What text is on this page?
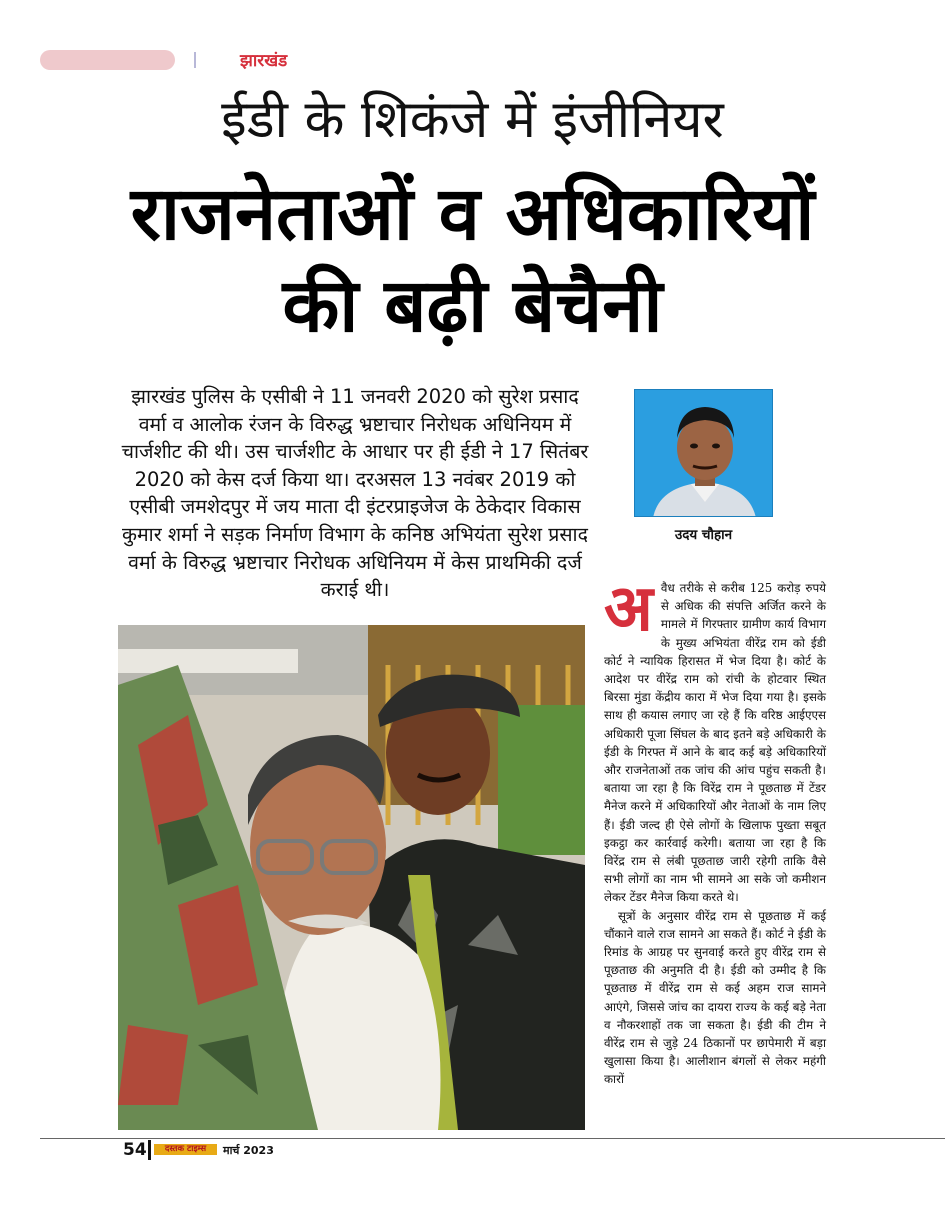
झारखंड
ईडी के शिकंजे में इंजीनियर
राजनेताओं व अधिकारियों
की बढ़ी बेचैनी
झारखंड पुलिस के एसीबी ने 11 जनवरी 2020 को सुरेश प्रसाद वर्मा व आलोक रंजन के विरुद्ध भ्रष्टाचार निरोधक अधिनियम में चार्जशीट की थी। उस चार्जशीट के आधार पर ही ईडी ने 17 सितंबर 2020 को केस दर्ज किया था। दरअसल 13 नवंबर 2019 को एसीबी जमशेदपुर में जय माता दी इंटरप्राइजेज के ठेकेदार विकास कुमार शर्मा ने सड़क निर्माण विभाग के कनिष्ठ अभियंता सुरेश प्रसाद वर्मा के विरुद्ध भ्रष्टाचार निरोधक अधिनियम में केस प्राथमिकी दर्ज कराई थी।
उदय चौहान
अ वैध तरीके से करीब 125 करोड़ रुपये से अधिक की संपत्ति अर्जित करने के मामले में गिरफ्तार ग्रामीण कार्य विभाग के मुख्य अभियंता वीरेंद्र राम को ईडी कोर्ट ने न्यायिक हिरासत में भेज दिया है। कोर्ट के आदेश पर वीरेंद्र राम को रांची के होटवार स्थित बिरसा मुंडा केंद्रीय कारा में भेज दिया गया है। इसके साथ ही कयास लगाए जा रहे हैं कि वरिष्ठ आईएएस अधिकारी पूजा सिंघल के बाद इतने बड़े अधिकारी के ईडी के गिरफ्त में आने के बाद कई बड़े अधिकारियों और राजनेताओं तक जांच की आंच पहुंच सकती है। बताया जा रहा है कि विरेंद्र राम ने पूछताछ में टेंडर मैनेज करने में अधिकारियों और नेताओं के नाम लिए हैं। ईडी जल्द ही ऐसे लोगों के खिलाफ पुख्ता सबूत इकट्ठा कर कार्रवाई करेगी। बताया जा रहा है कि विरेंद्र राम से लंबी पूछताछ जारी रहेगी ताकि वैसे सभी लोगों का नाम भी सामने आ सके जो कमीशन लेकर टेंडर मैनेज किया करते थे।
सूत्रों के अनुसार वीरेंद्र राम से पूछताछ में कई चौंकाने वाले राज सामने आ सकते हैं। कोर्ट ने ईडी के रिमांड के आग्रह पर सुनवाई करते हुए वीरेंद्र राम से पूछताछ की अनुमति दी है। ईडी को उम्मीद है कि पूछताछ में वीरेंद्र राम से कई अहम राज सामने आएंगे, जिससे जांच का दायरा राज्य के कई बड़े नेता व नौकरशाहों तक जा सकता है। ईडी की टीम ने वीरेंद्र राम से जुड़े 24 ठिकानों पर छापेमारी में बड़ा खुलासा किया है। आलीशान बंगलों से लेकर महंगी कारों
54	दस्तक टाइम्स	मार्च 2023
